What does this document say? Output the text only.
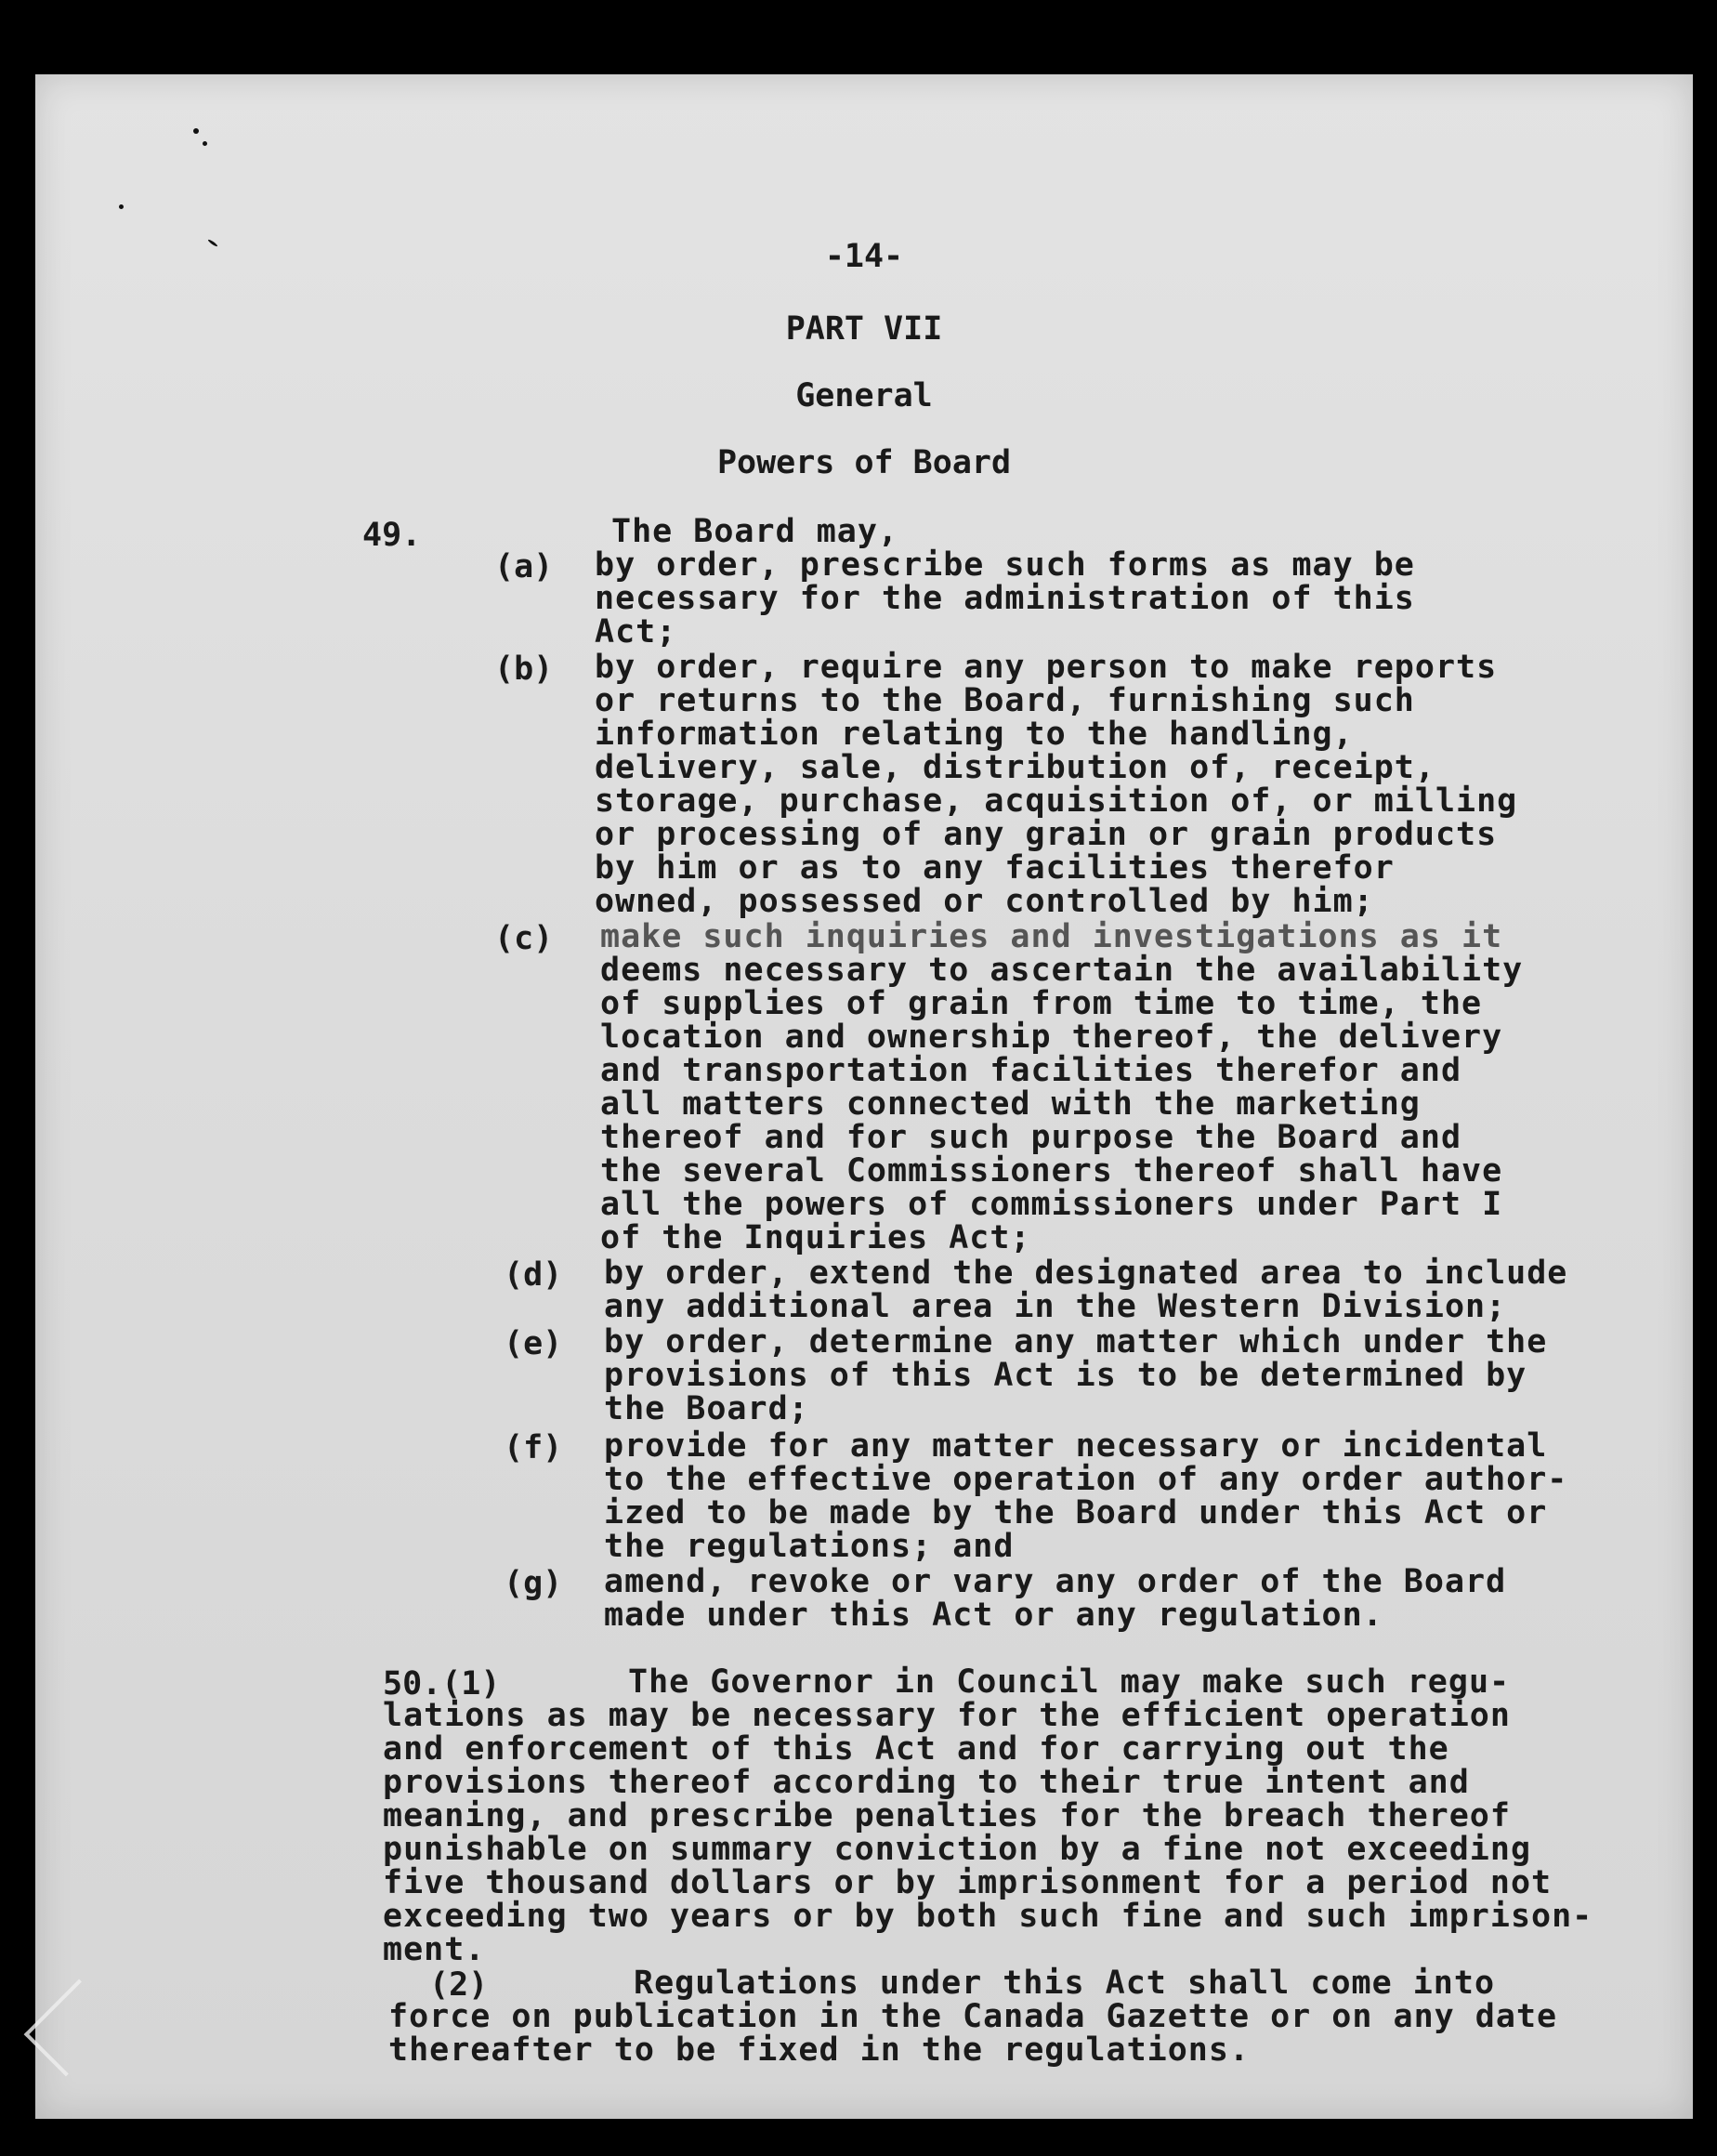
-14-
PART VII
General
Powers of Board
49.	The Board may,
(a) by order, prescribe such forms as may be
necessary for the administration of this
Act;
(b) by order, require any person to make reports
or returns to the Board, furnishing such
information relating to the handling,
delivery, sale, distribution of, receipt,
storage, purchase, acquisition of, or milling
or processing of any grain or grain products
by him or as to any facilities therefor
owned, possessed or controlled by him;
(c) make such inquiries and investigations as it
deems necessary to ascertain the availability
of supplies of grain from time to time, the
location and ownership thereof, the delivery
and transportation facilities therefor and
all matters connected with the marketing
thereof and for such purpose the Board and
the several Commissioners thereof shall have
all the powers of commissioners under Part I
of the Inquiries Act;
(d) by order, extend the designated area to include
any additional area in the Western Division;
(e) by order, determine any matter which under the
provisions of this Act is to be determined by
the Board;
(f) provide for any matter necessary or incidental
to the effective operation of any order author-
ized to be made by the Board under this Act or
the regulations; and
(g) amend, revoke or vary any order of the Board
made under this Act or any regulation.
50.(1)	The Governor in Council may make such regu-
lations as may be necessary for the efficient operation
and enforcement of this Act and for carrying out the
provisions thereof according to their true intent and
meaning, and prescribe penalties for the breach thereof
punishable on summary conviction by a fine not exceeding
five thousand dollars or by imprisonment for a period not
exceeding two years or by both such fine and such imprison-
ment.
(2)	Regulations under this Act shall come into
force on publication in the Canada Gazette or on any date
thereafter to be fixed in the regulations.
